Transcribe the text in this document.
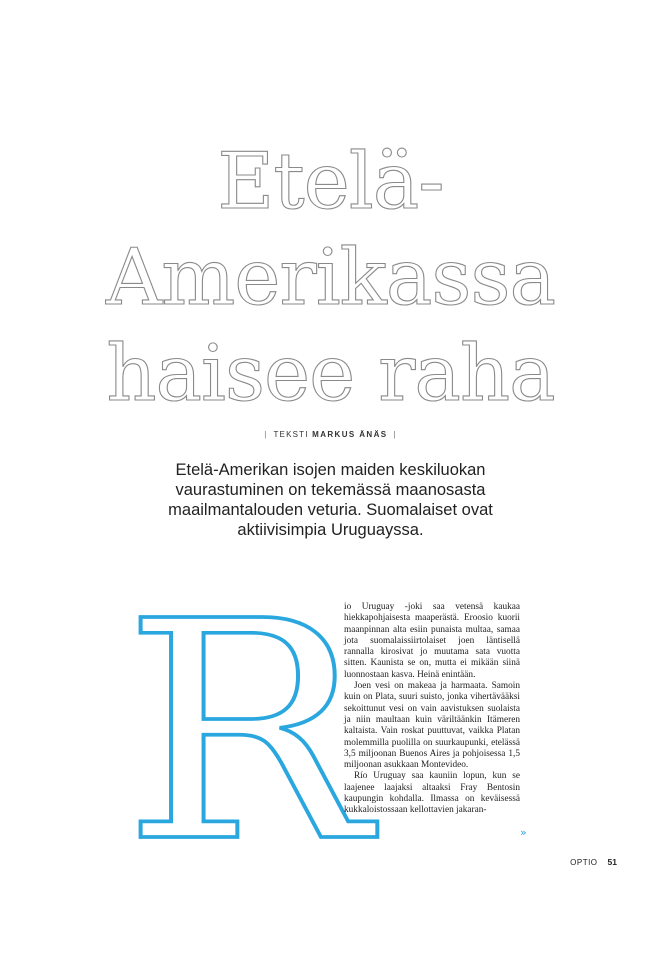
Etelä-
Amerikassa
haisee raha
| TEKSTI MARKUS ÄNÄS |

Etelä-Amerikan isojen maiden keskiluokan vaurastuminen on tekemässä maanosasta maailmantalouden veturia. Suomalaiset ovat aktiivisimpia Uruguayssa.

R

io Uruguay -joki saa vetensä kaukaa hiekkapohjaisesta maaperästä. Eroosio kuorii maanpinnan alta esiin punaista multaa, samaa jota suomalaissiirtolaiset joen läntisellä rannalla kirosivat jo muutama sata vuotta sitten. Kaunista se on, mutta ei mikään siinä luonnostaan kasva. Heinä enintään.

Joen vesi on makeaa ja harmaata. Samoin kuin on Plata, suuri suisto, jonka vihertävääksi sekoittunut vesi on vain aavistuksen suolaista ja niin maultaan kuin väriltäänkin Itämeren kaltaista. Vain roskat puuttuvat, vaikka Platan molemmilla puolilla on suurkaupunki, etelässä 3,5 miljoonan Buenos Aires ja pohjoisessa 1,5 miljoonan asukkaan Montevideo.

Río Uruguay saa kauniin lopun, kun se laajenee laajaksi altaaksi Fray Bentosin kaupungin kohdalla. Ilmassa on keväisessä kukkaloistossaan kellottavien jakaran-

»
OPTIO 51
